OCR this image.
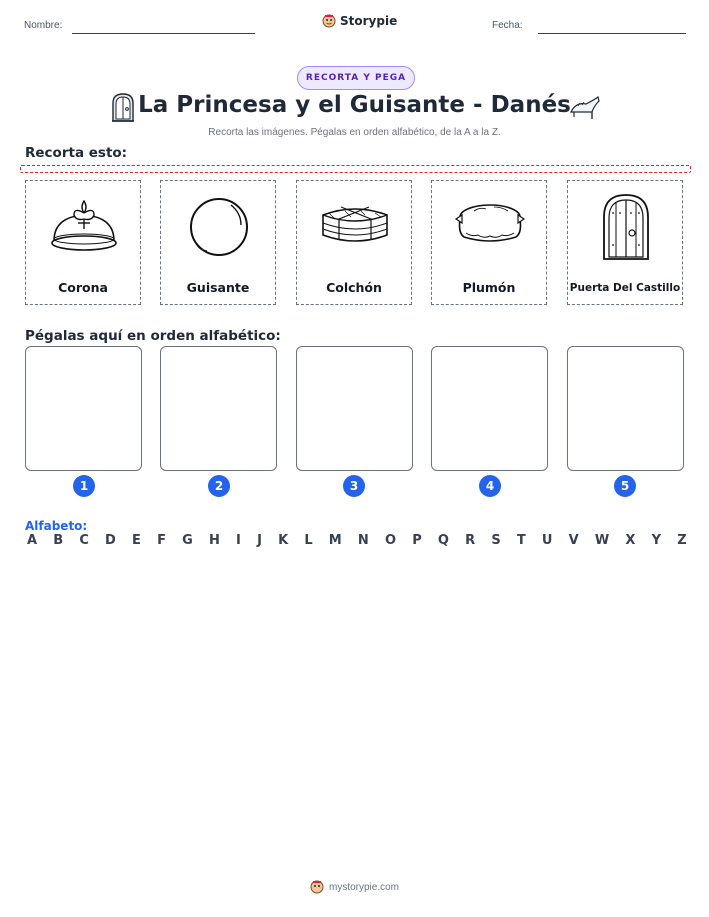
Nombre:	Storypie	Fecha:
RECORTA Y PEGA
La Princesa y el Guisante - Danés
Recorta las imágenes. Pégalas en orden alfabético, de la A a la Z.
Recorta esto:
Corona	Guisante	Colchón	Plumón	Puerta Del Castillo
Pégalas aquí en orden alfabético:
1	2	3	4	5
Alfabeto:
A B C D E F G H I J K L M N O P Q R S T U V W X Y Z
mystorypie.com
